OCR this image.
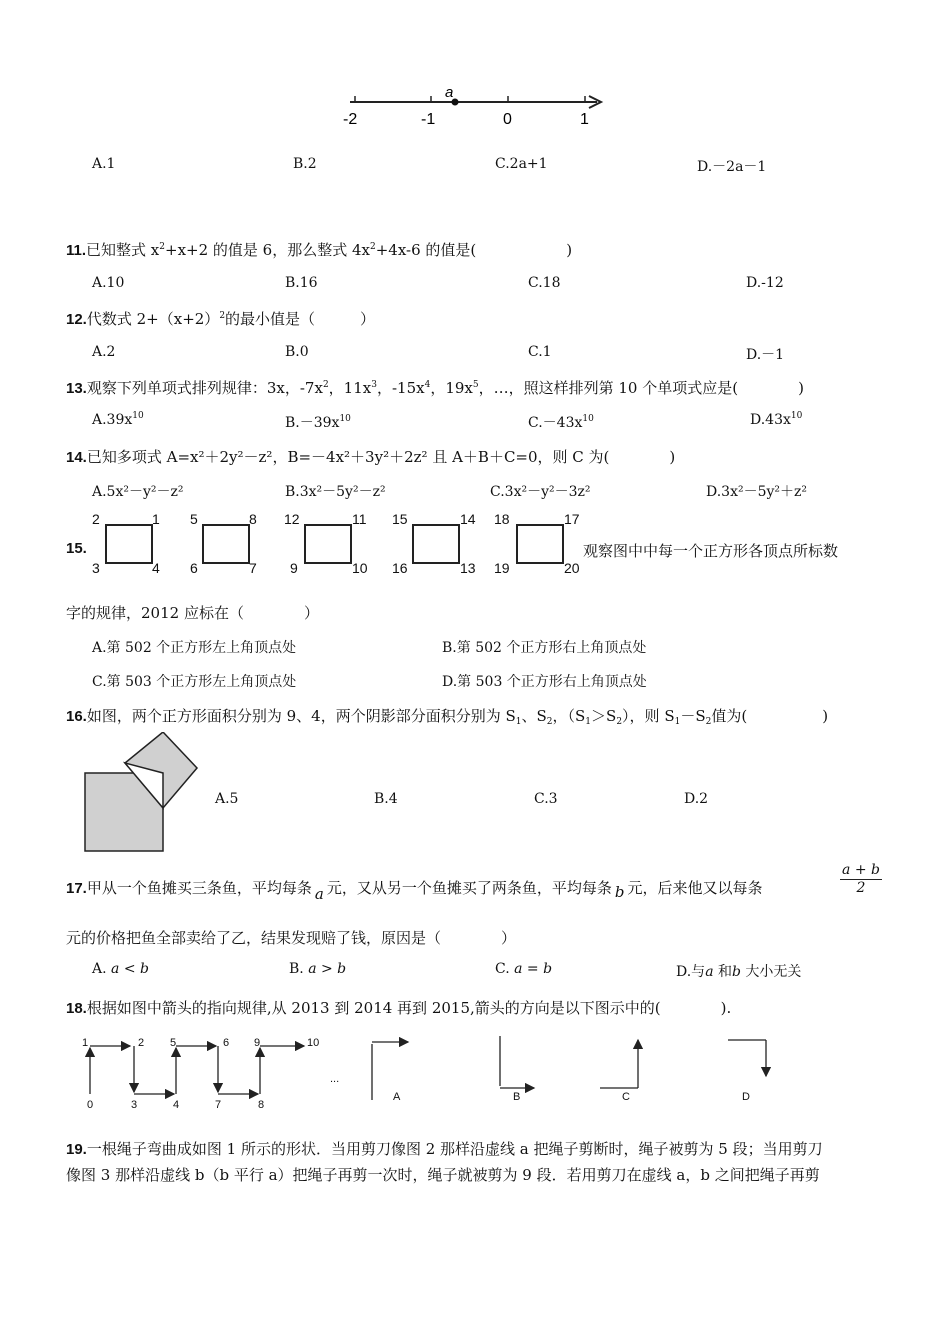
a
-2	-1	0	1
A.1	B.2	C.2a+1	D.－2a－1
11.已知整式 $x^2+x+2$ 的值是 6，那么整式 $4x^2+4x-6$ 的值是(　　　　　　)
A.10	B.16	C.18	D.-12
12.代数式 $2+(x+2)^2$的最小值是（　　　）
A.2	B.0	C.1	D.－1
13.观察下列单项式排列规律：3x，$-7x^2$，$11x^3$，$-15x^4$，$19x^5$，…，照这样排列第 10 个单项式应是(　　　　)
$A.39x^{10}$	$B.-39x^{10}$	$C.-43x^{10}$	$D.43x^{10}$
14.已知多项式 A=x²＋2y²－z²，B=－4x²＋3y²＋2z² 且 A＋B＋C=0，则 C 为(　　　　)
A.5x²－y²－z²	B.3x²－5y²－z²	C.3x²－y²－3z²	D.3x²－5y²＋z²
15.
2	1
3	4
5	8
6	7
12	11
9	10
15	14
16	13
18	17
19	20
观察图中中每一个正方形各顶点所标数
字的规律，2012 应标在（　　　　）
A.第 502 个正方形左上角顶点处	B.第 502 个正方形右上角顶点处
C.第 503 个正方形左上角顶点处	D.第 503 个正方形右上角顶点处
16.如图，两个正方形面积分别为 9、4，两个阴影部分面积分别为 $S_1$、$S_2$，$(S_1>S_2)$，则 $S_1-S_2$值为(　　　　　)
A.5	B.4	C.3	D.2
17.甲从一个鱼摊买三条鱼，平均每条 a 元，又从另一个鱼摊买了两条鱼，平均每条 b 元，后来他又以每条	$\frac{a + b}{2}$
元的价格把鱼全部卖给了乙，结果发现赔了钱，原因是（　　　　）
A. a < b	B. a > b	C. a = b	D.与a 和b 大小无关
18.根据如图中箭头的指向规律,从 2013 到 2014 再到 2015,箭头的方向是以下图示中的(　　　　).
1	2 5	6 9	10
0	3	4	7	8
...
A	B	C	D
19.一根绳子弯曲成如图 1 所示的形状．当用剪刀像图 2 那样沿虚线 a 把绳子剪断时，绳子被剪为 5 段；当用剪刀
像图 3 那样沿虚线 b（b 平行 a）把绳子再剪一次时，绳子就被剪为 9 段．若用剪刀在虚线 a，b 之间把绳子再剪
